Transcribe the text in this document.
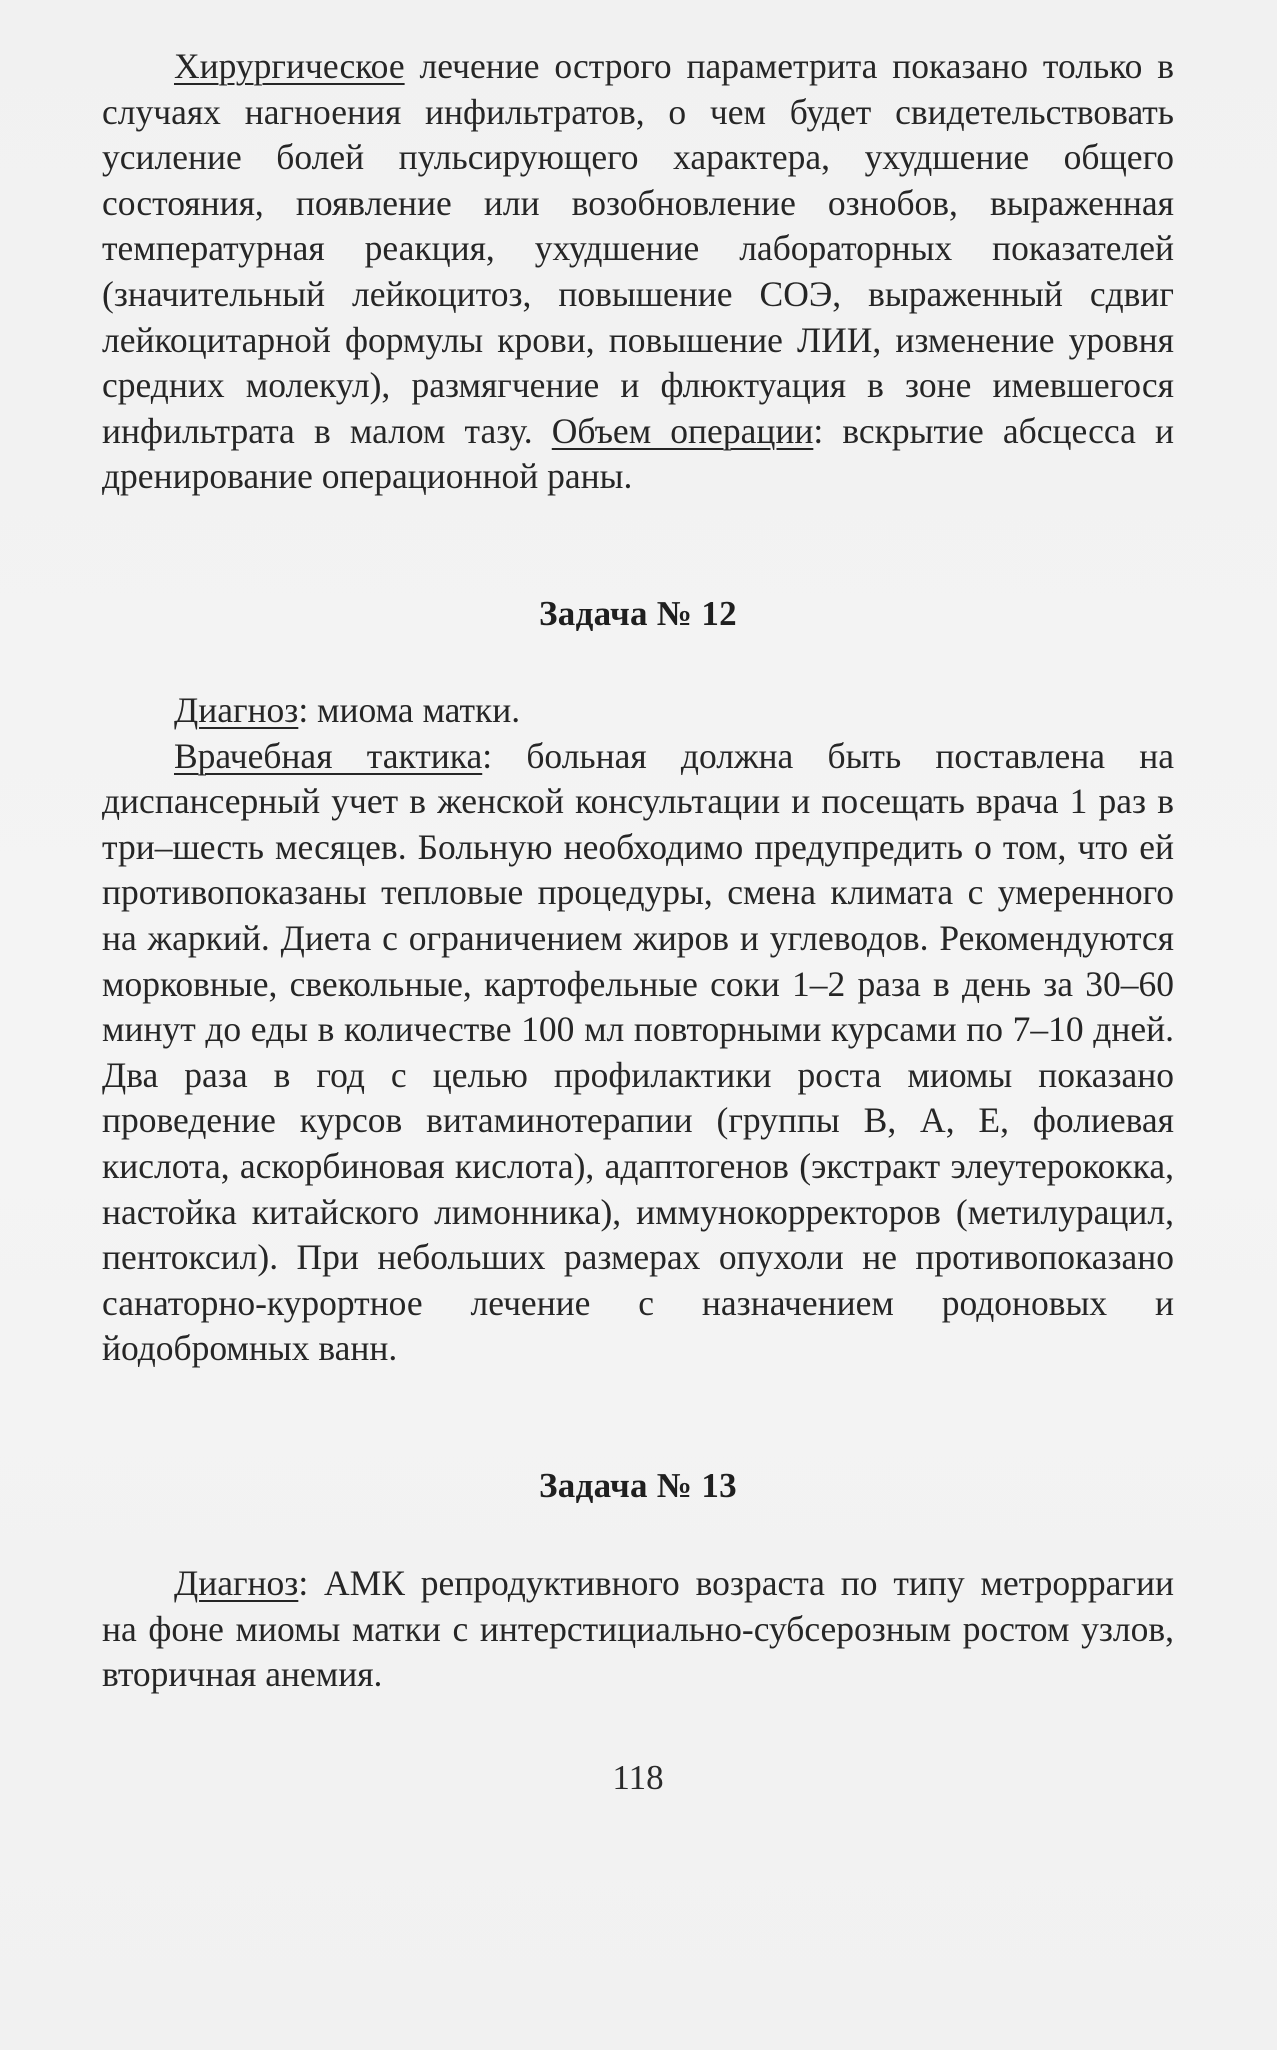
Хирургическое лечение острого параметрита показано только в случаях нагноения инфильтратов, о чем будет свидетельствовать усиление болей пульсирующего характера, ухудшение общего состояния, появление или возобновление ознобов, выраженная температурная реакция, ухудшение лабораторных показателей (значительный лейкоцитоз, повышение СОЭ, выраженный сдвиг лейкоцитарной формулы крови, повышение ЛИИ, изменение уровня средних молекул), размягчение и флюктуация в зоне имевшегося инфильтрата в малом тазу. Объем операции: вскрытие абсцесса и дренирование операционной раны.

Задача № 12

Диагноз: миома матки.

Врачебная тактика: больная должна быть поставлена на диспансерный учет в женской консультации и посещать врача 1 раз в три–шесть месяцев. Больную необходимо предупредить о том, что ей противопоказаны тепловые процедуры, смена климата с умеренного на жаркий. Диета с ограничением жиров и углеводов. Рекомендуются морковные, свекольные, картофельные соки 1–2 раза в день за 30–60 минут до еды в количестве 100 мл повторными курсами по 7–10 дней. Два раза в год с целью профилактики роста миомы показано проведение курсов витаминотерапии (группы В, А, Е, фолиевая кислота, аскорбиновая кислота), адаптогенов (экстракт элеутерококка, настойка китайского лимонника), иммунокорректоров (метилурацил, пентоксил). При небольших размерах опухоли не противопоказано санаторно-курортное лечение с назначением родоновых и йодобромных ванн.

Задача № 13

Диагноз: АМК репродуктивного возраста по типу метроррагии на фоне миомы матки с интерстициально-субсерозным ростом узлов, вторичная анемия.

118
